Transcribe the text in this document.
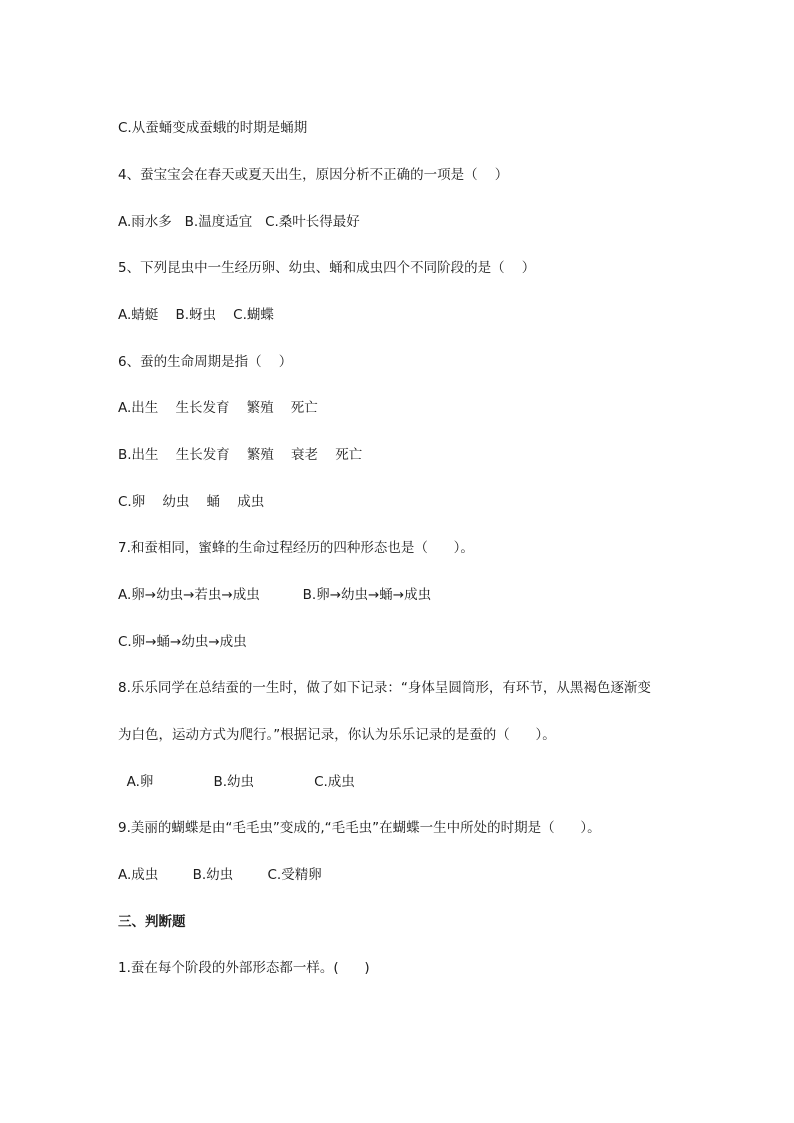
C.从蚕蛹变成蚕蛾的时期是蛹期
4、蚕宝宝会在春天或夏天出生，原因分析不正确的一项是（    ）
A.雨水多   B.温度适宜   C.桑叶长得最好
5、下列昆虫中一生经历卵、幼虫、蛹和成虫四个不同阶段的是（    ）
A.蜻蜓    B.蚜虫    C.蝴蝶
6、蚕的生命周期是指（    ）
A.出生    生长发育    繁殖    死亡
B.出生    生长发育    繁殖    衰老    死亡
C.卵    幼虫    蛹    成虫
7.和蚕相同，蜜蜂的生命过程经历的四种形态也是（      ）。
A.卵→幼虫→若虫→成虫          B.卵→幼虫→蛹→成虫
C.卵→蛹→幼虫→成虫
8.乐乐同学在总结蚕的一生时，做了如下记录：“身体呈圆筒形，有环节，从黑褐色逐渐变
为白色，运动方式为爬行。”根据记录，你认为乐乐记录的是蚕的（      ）。
A.卵              B.幼虫              C.成虫
9.美丽的蝴蝶是由“毛毛虫”变成的,“毛毛虫”在蝴蝶一生中所处的时期是（      ）。
A.成虫        B.幼虫        C.受精卵
三、判断题
1.蚕在每个阶段的外部形态都一样。(      )
